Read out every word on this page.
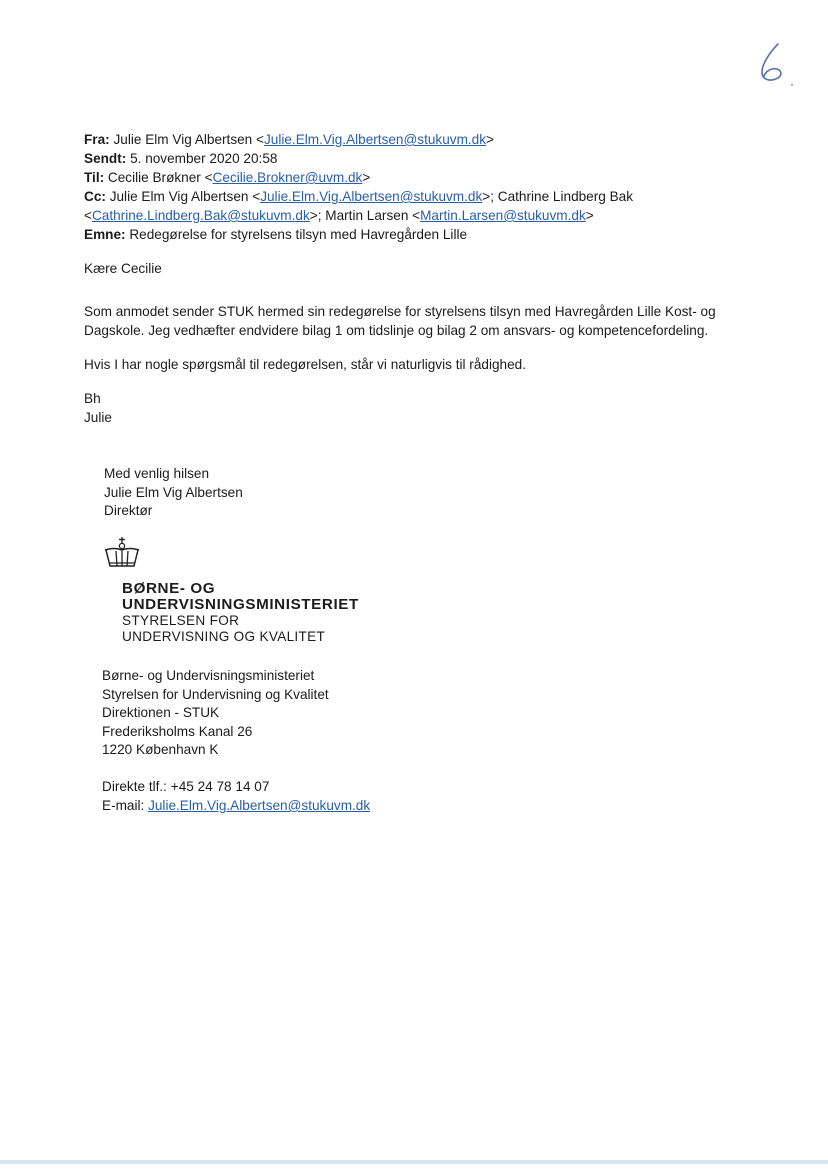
Fra: Julie Elm Vig Albertsen <Julie.Elm.Vig.Albertsen@stukuvm.dk>
Sendt: 5. november 2020 20:58
Til: Cecilie Brøkner <Cecilie.Brokner@uvm.dk>
Cc: Julie Elm Vig Albertsen <Julie.Elm.Vig.Albertsen@stukuvm.dk>; Cathrine Lindberg Bak
<Cathrine.Lindberg.Bak@stukuvm.dk>; Martin Larsen <Martin.Larsen@stukuvm.dk>
Emne: Redegørelse for styrelsens tilsyn med Havregården Lille
Kære Cecilie
Som anmodet sender STUK hermed sin redegørelse for styrelsens tilsyn med Havregården Lille Kost- og
Dagskole. Jeg vedhæfter endvidere bilag 1 om tidslinje og bilag 2 om ansvars- og kompetencefordeling.
Hvis I har nogle spørgsmål til redegørelsen, står vi naturligvis til rådighed.
Bh
Julie
Med venlig hilsen
Julie Elm Vig Albertsen
Direktør
BØRNE- OG
UNDERVISNINGSMINISTERIET
STYRELSEN FOR
UNDERVISNING OG KVALITET
Børne- og Undervisningsministeriet
Styrelsen for Undervisning og Kvalitet
Direktionen - STUK
Frederiksholms Kanal 26
1220 København K
Direkte tlf.: +45 24 78 14 07
E-mail: Julie.Elm.Vig.Albertsen@stukuvm.dk
